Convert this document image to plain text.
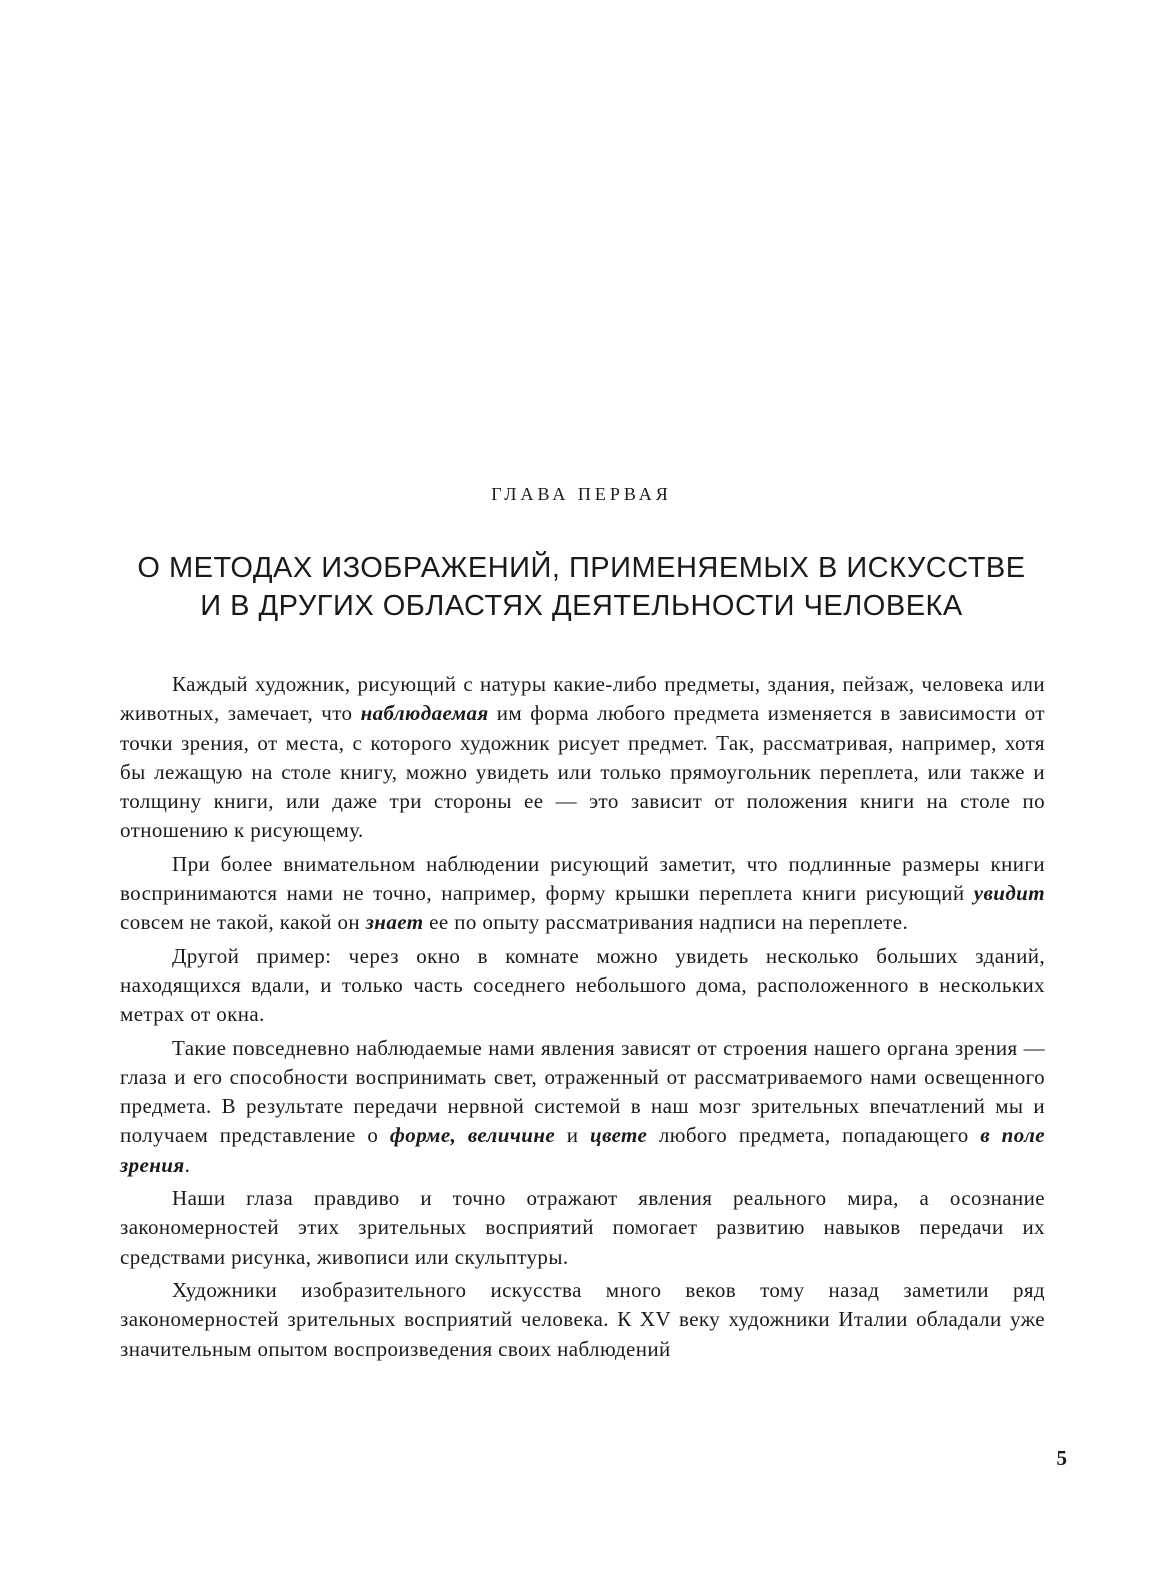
ГЛАВА ПЕРВАЯ
О МЕТОДАХ ИЗОБРАЖЕНИЙ, ПРИМЕНЯЕМЫХ В ИСКУССТВЕ
И В ДРУГИХ ОБЛАСТЯХ ДЕЯТЕЛЬНОСТИ ЧЕЛОВЕКА

Каждый художник, рисующий с натуры какие-либо предметы, здания, пейзаж, человека или животных, замечает, что наблюдаемая им форма любого предмета изменяется в зависимости от точки зрения, от места, с которого художник рисует предмет. Так, рассматривая, например, хотя бы лежащую на столе книгу, можно увидеть или только прямоугольник переплета, или также и толщину книги, или даже три стороны ее — это зависит от положения книги на столе по отношению к рисующему.

При более внимательном наблюдении рисующий заметит, что подлинные размеры книги воспринимаются нами не точно, например, форму крышки переплета книги рисующий увидит совсем не такой, какой он знает ее по опыту рассматривания надписи на переплете.

Другой пример: через окно в комнате можно увидеть несколько больших зданий, находящихся вдали, и только часть соседнего небольшого дома, расположенного в нескольких метрах от окна.

Такие повседневно наблюдаемые нами явления зависят от строения нашего органа зрения — глаза и его способности воспринимать свет, отраженный от рассматриваемого нами освещенного предмета. В результате передачи нервной системой в наш мозг зрительных впечатлений мы и получаем представление о форме, величине и цвете любого предмета, попадающего в поле зрения.

Наши глаза правдиво и точно отражают явления реального мира, а осознание закономерностей этих зрительных восприятий помогает развитию навыков передачи их средствами рисунка, живописи или скульптуры.

Художники изобразительного искусства много веков тому назад заметили ряд закономерностей зрительных восприятий человека. К XV веку художники Италии обладали уже значительным опытом воспроизведения своих наблюдений

5
